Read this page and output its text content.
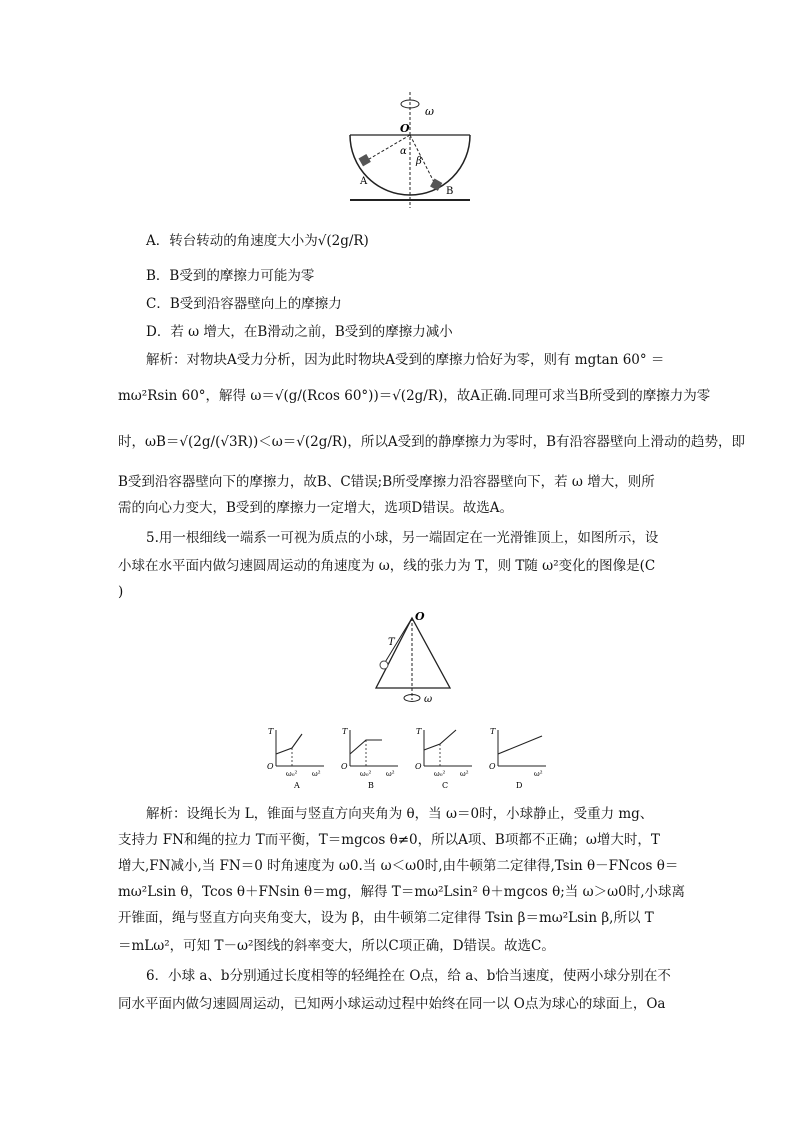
ω
O
α
β
A
B
A．转台转动的角速度大小为√(2g/R)
B．B受到的摩擦力可能为零
C．B受到沿容器壁向上的摩擦力
D．若 ω 增大，在B滑动之前，B受到的摩擦力减小
解析：对物块A受力分析，因为此时物块A受到的摩擦力恰好为零，则有 mgtan 60° ＝
mω²Rsin 60°，解得 ω＝√(g/(Rcos 60°))＝√(2g/R)，故A正确.同理可求当B所受到的摩擦力为零
时，ωB＝√(2g/(√3R))＜ω＝√(2g/R)，所以A受到的静摩擦力为零时，B有沿容器壁向上滑动的趋势，即
B受到沿容器壁向下的摩擦力，故B、C错误;B所受摩擦力沿容器壁向下，若 ω 增大，则所
需的向心力变大，B受到的摩擦力一定增大，选项D错误。故选A。
5.用一根细线一端系一可视为质点的小球，另一端固定在一光滑锥顶上，如图所示，设
小球在水平面内做匀速圆周运动的角速度为 ω，线的张力为 T，则 T随 ω²变化的图像是(C
)
O
T
ω
T
O
ω₀² ω²
A
T
O
ω₀² ω²
B
T
O
ω₀² ω²
C
T
O
ω²
D
解析：设绳长为 L，锥面与竖直方向夹角为 θ，当 ω＝0时，小球静止，受重力 mg、
支持力 FN和绳的拉力 T而平衡，T＝mgcos θ≠0，所以A项、B项都不正确；ω增大时，T
增大,FN减小,当 FN＝0 时角速度为 ω0.当 ω＜ω0时,由牛顿第二定律得,Tsin θ－FNcos θ＝
mω²Lsin θ，Tcos θ＋FNsin θ＝mg，解得 T＝mω²Lsin² θ＋mgcos θ;当 ω＞ω0时,小球离
开锥面，绳与竖直方向夹角变大，设为 β，由牛顿第二定律得 Tsin β＝mω²Lsin β,所以 T
＝mLω²，可知 T－ω²图线的斜率变大，所以C项正确，D错误。故选C。
6．小球 a、b分别通过长度相等的轻绳拴在 O点，给 a、b恰当速度，使两小球分别在不
同水平面内做匀速圆周运动，已知两小球运动过程中始终在同一以 O点为球心的球面上，Oa
